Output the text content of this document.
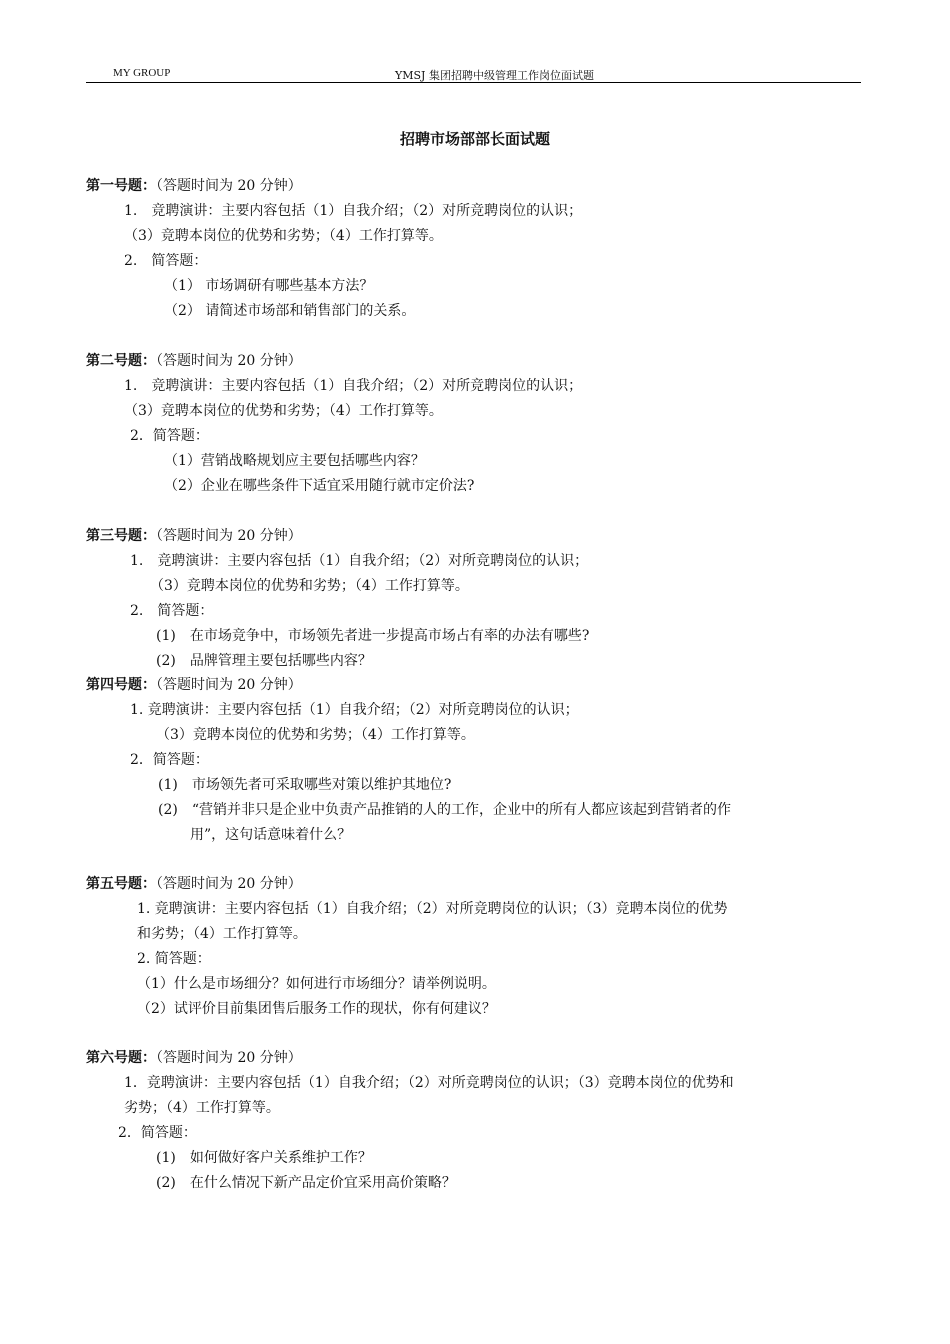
MY GROUP	YMSJ 集团招聘中级管理工作岗位面试题
招聘市场部部长面试题
第一号题：（答题时间为 20 分钟）
1.　竞聘演讲：主要内容包括（1）自我介绍；（2）对所竞聘岗位的认识；
（3）竞聘本岗位的优势和劣势；（4）工作打算等。
2.　简答题：
（1） 市场调研有哪些基本方法？
（2） 请简述市场部和销售部门的关系。
第二号题：（答题时间为 20 分钟）
1.　竞聘演讲：主要内容包括（1）自我介绍；（2）对所竞聘岗位的认识；
（3）竞聘本岗位的优势和劣势；（4）工作打算等。
2．简答题：
（1）营销战略规划应主要包括哪些内容？
（2）企业在哪些条件下适宜采用随行就市定价法?
第三号题：（答题时间为 20 分钟）
1.　竞聘演讲：主要内容包括（1）自我介绍；（2）对所竞聘岗位的认识；
（3）竞聘本岗位的优势和劣势；（4）工作打算等。
2.　简答题：
(1)　在市场竞争中，市场领先者进一步提高市场占有率的办法有哪些?
(2)　品牌管理主要包括哪些内容？
第四号题：（答题时间为 20 分钟）
1. 竞聘演讲：主要内容包括（1）自我介绍；（2）对所竞聘岗位的认识；
（3）竞聘本岗位的优势和劣势；（4）工作打算等。
2．简答题：
(1)　市场领先者可采取哪些对策以维护其地位?
(2)　“营销并非只是企业中负责产品推销的人的工作，企业中的所有人都应该起到营销者的作
用”，这句话意味着什么？
第五号题：（答题时间为 20 分钟）
1. 竞聘演讲：主要内容包括（1）自我介绍；（2）对所竞聘岗位的认识；（3）竞聘本岗位的优势
和劣势；（4）工作打算等。
2. 简答题：
（1）什么是市场细分？如何进行市场细分？请举例说明。
（2）试评价目前集团售后服务工作的现状，你有何建议？
第六号题：（答题时间为 20 分钟）
1．竞聘演讲：主要内容包括（1）自我介绍；（2）对所竞聘岗位的认识；（3）竞聘本岗位的优势和
劣势；（4）工作打算等。
2．简答题：
(1)　如何做好客户关系维护工作？
(2)　在什么情况下新产品定价宜采用高价策略？
